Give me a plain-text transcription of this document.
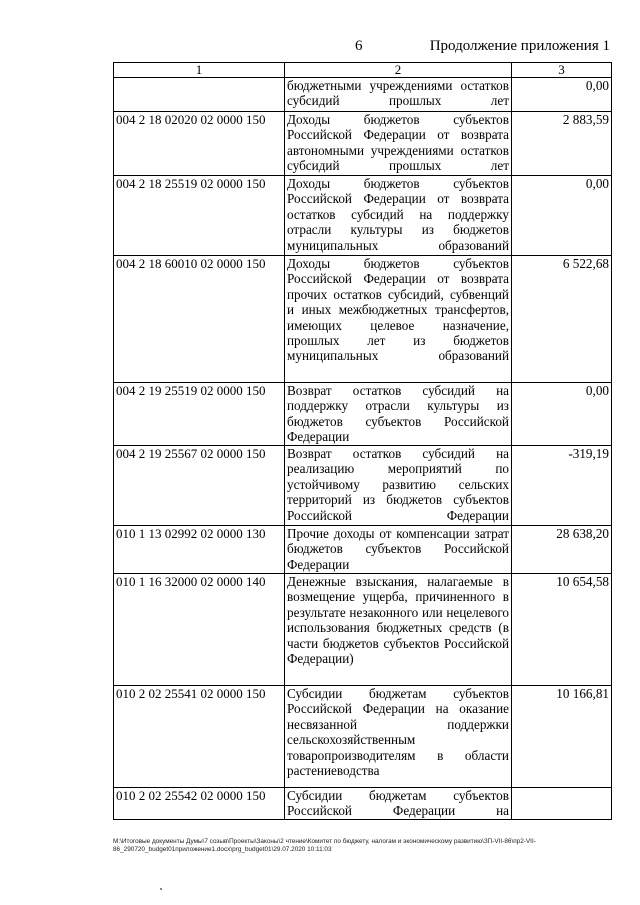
6	Продолжение приложения 1
1	2	3
	бюджетными учреждениями остатков субсидий прошлых лет	0,00
004 2 18 02020 02 0000 150	Доходы бюджетов субъектов Российской Федерации от возврата автономными учреждениями остатков субсидий прошлых лет	2 883,59
004 2 18 25519 02 0000 150	Доходы бюджетов субъектов Российской Федерации от возврата остатков субсидий на поддержку отрасли культуры из бюджетов муниципальных образований	0,00
004 2 18 60010 02 0000 150	Доходы бюджетов субъектов Российской Федерации от возврата прочих остатков субсидий, субвенций и иных межбюджетных трансфертов, имеющих целевое назначение, прошлых лет из бюджетов муниципальных образований	6 522,68
004 2 19 25519 02 0000 150	Возврат остатков субсидий на поддержку отрасли культуры из бюджетов субъектов Российской Федерации	0,00
004 2 19 25567 02 0000 150	Возврат остатков субсидий на реализацию мероприятий по устойчивому развитию сельских территорий из бюджетов субъектов Российской Федерации	-319,19
010 1 13 02992 02 0000 130	Прочие доходы от компенсации затрат бюджетов субъектов Российской Федерации	28 638,20
010 1 16 32000 02 0000 140	Денежные взыскания, налагаемые в возмещение ущерба, причиненного в результате незаконного или нецелевого использования бюджетных средств (в части бюджетов субъектов Российской Федерации)	10 654,58
010 2 02 25541 02 0000 150	Субсидии бюджетам субъектов Российской Федерации на оказание несвязанной поддержки сельскохозяйственным товаропроизводителям в области растениеводства	10 166,81
010 2 02 25542 02 0000 150	Субсидии бюджетам субъектов Российской Федерации на	
M:\Итоговые документы Думы\7 созыв\Проекты\Законы\2 чтение\Комитет по бюджету, налогам и экономическому развитию\ЗП-VII-86\пр2-VII-86_290720_budget01приложение1.docx\prg_budget01\29.07.2020 10:11:03
